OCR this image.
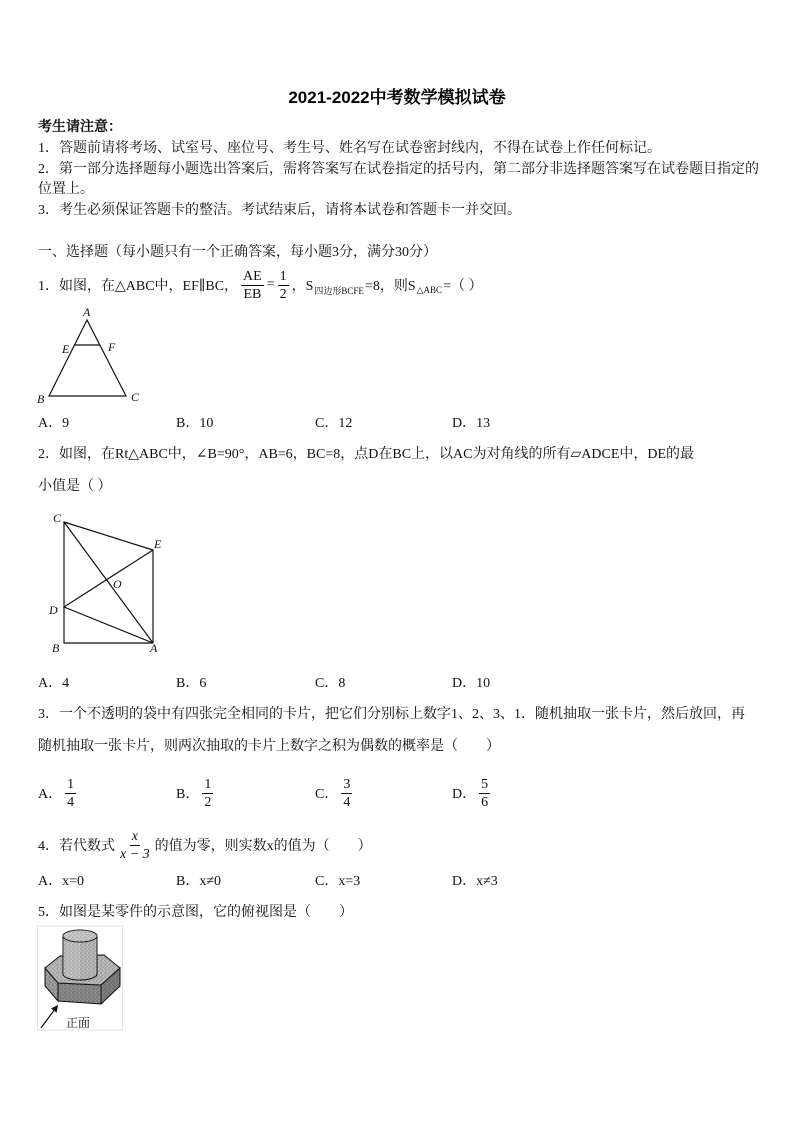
2021-2022中考数学模拟试卷
考生请注意：
1．答题前请将考场、试室号、座位号、考生号、姓名写在试卷密封线内，不得在试卷上作任何标记。
2．第一部分选择题每小题选出答案后，需将答案写在试卷指定的括号内，第二部分非选择题答案写在试卷题目指定的
位置上。
3．考生必须保证答题卡的整洁。考试结束后，请将本试卷和答题卡一并交回。
一、选择题（每小题只有一个正确答案，每小题3分，满分30分）
1．如图，在△ABC中，EF∥BC， $\frac{AE}{EB} = \frac{1}{2}$ ，S 四边形BCFE =8，则S △ABC =（ ）
A
E	F
B	C
A．9	B．10	C．12	D．13
2．如图，在Rt△ABC中，∠B=90°，AB=6，BC=8，点D在BC上，以AC为对角线的所有▱ADCE中，DE的最
小值是（ ）
C
E
O
D
B	A
A．4	B．6	C．8	D．10
3．一个不透明的袋中有四张完全相同的卡片，把它们分别标上数字1、2、3、1．随机抽取一张卡片，然后放回，再
随机抽取一张卡片，则两次抽取的卡片上数字之积为偶数的概率是（　　）
A． $\frac{1}{4}$	B． $\frac{1}{2}$	C． $\frac{3}{4}$	D． $\frac{5}{6}$
4．若代数式 $\frac{x}{x - 3}$ 的值为零，则实数x的值为（　　）
A．x=0	B．x≠0	C．x=3	D．x≠3
5．如图是某零件的示意图，它的俯视图是（　　）
正面
